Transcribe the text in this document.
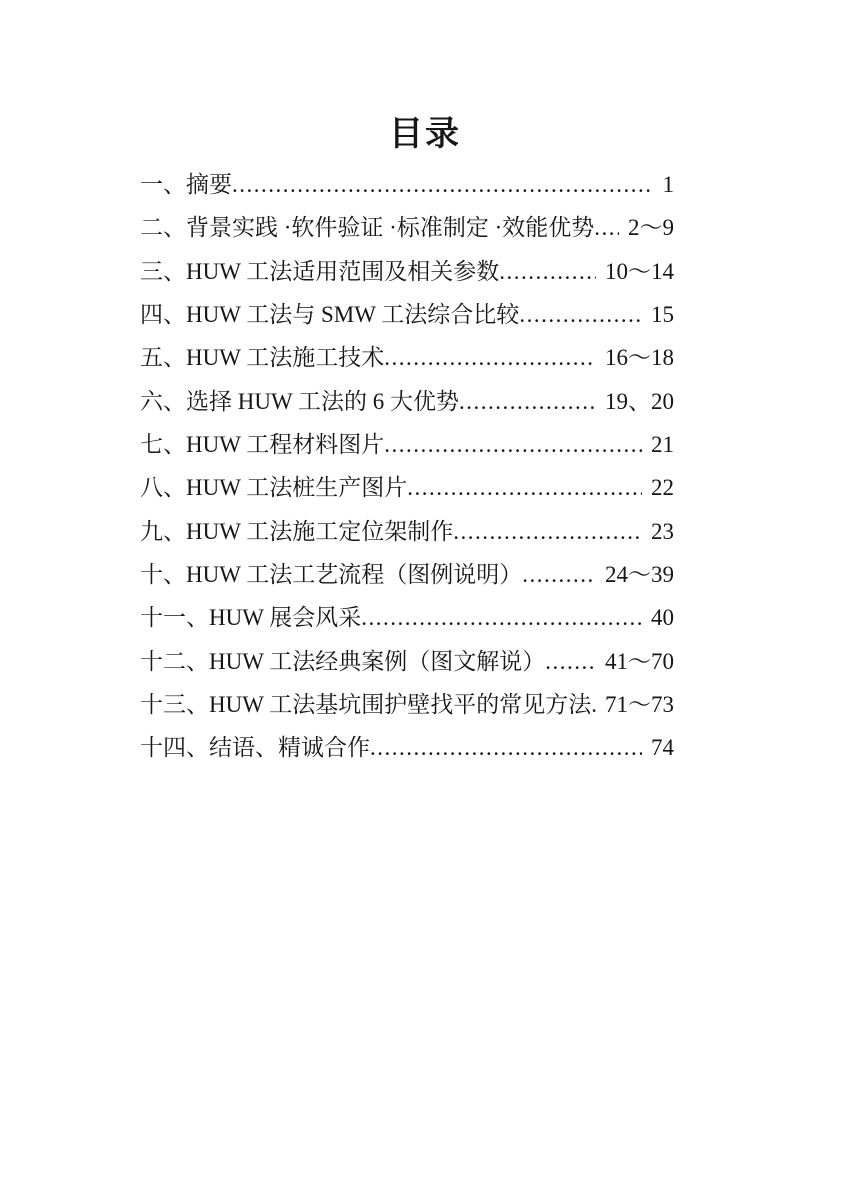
目录
一、摘要 .....	1
二、背景实践 ·软件验证 ·标准制定 ·效能优势 .....	2～9
三、HUW 工法适用范围及相关参数 .....	10～14
四、HUW 工法与 SMW 工法综合比较 .....	15
五、HUW 工法施工技术 .....	16～18
六、选择 HUW 工法的 6 大优势 .....	19、20
七、HUW 工程材料图片 .....	21
八、HUW 工法桩生产图片 .....	22
九、HUW 工法施工定位架制作 .....	23
十、HUW 工法工艺流程（图例说明） .....	24～39
十一、HUW 展会风采 .....	40
十二、HUW 工法经典案例（图文解说） .....	41～70
十三、HUW 工法基坑围护壁找平的常见方法 ..... 71～73
十四、结语、精诚合作 .....	74
